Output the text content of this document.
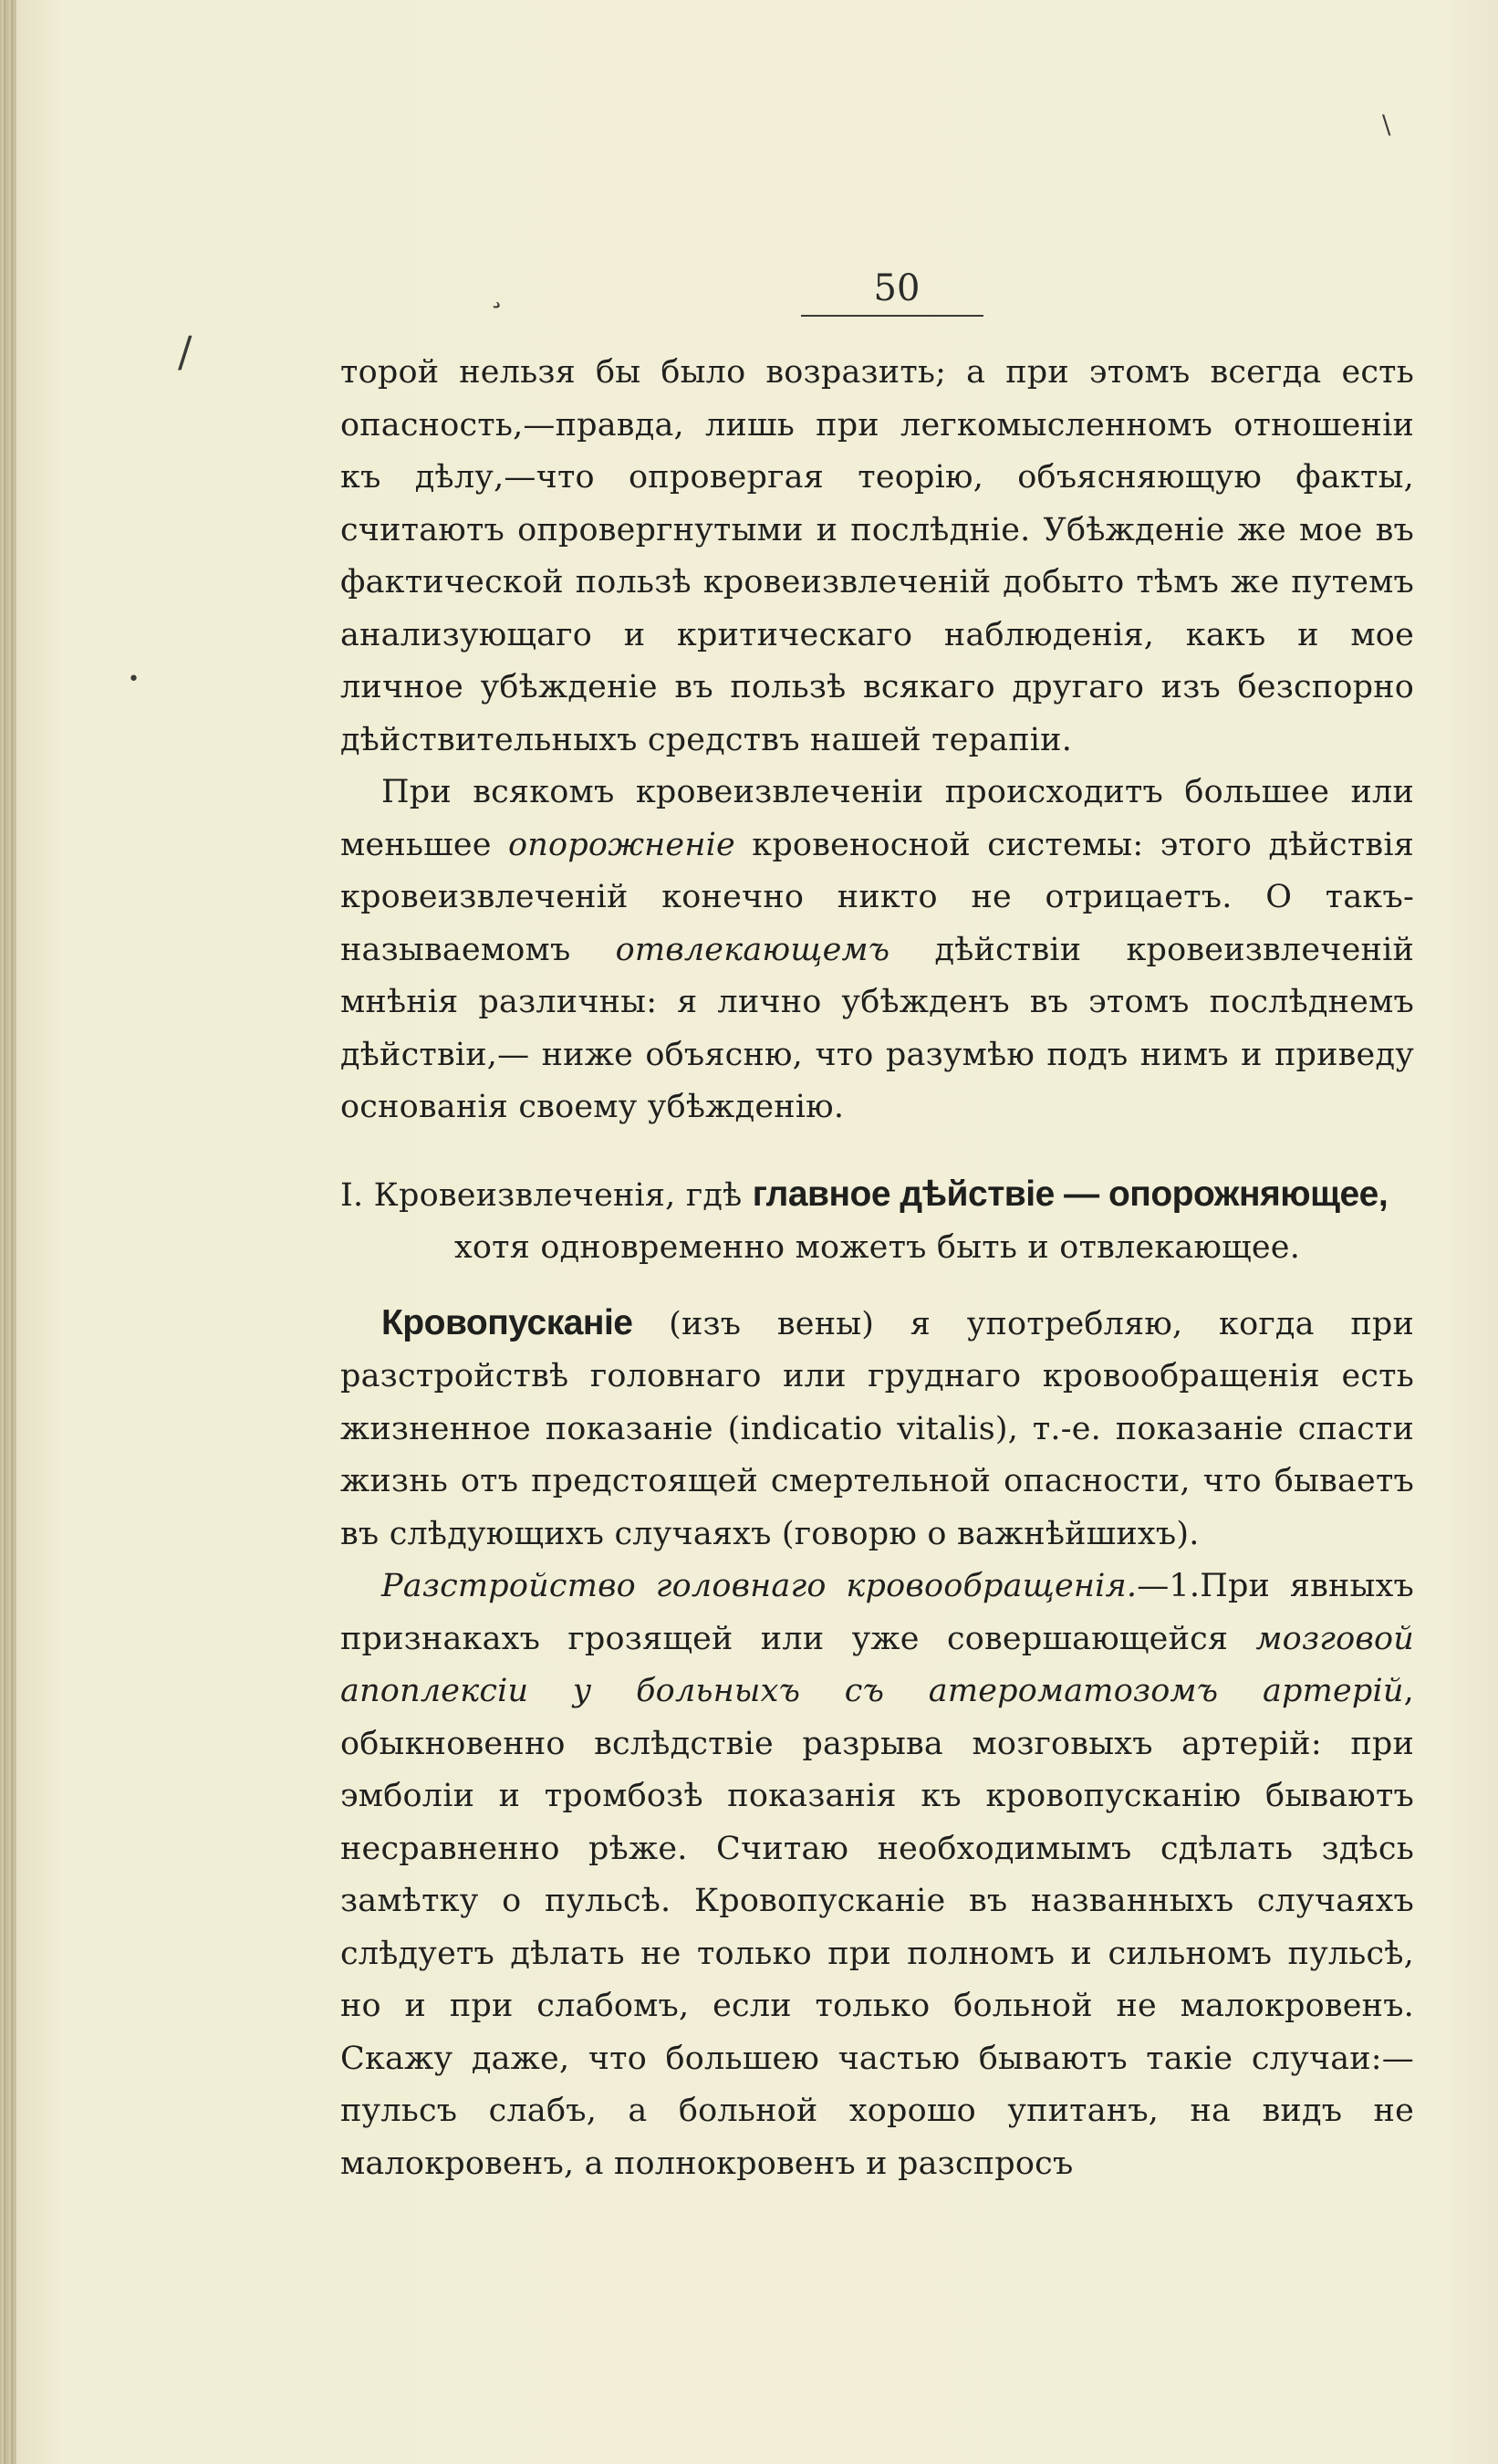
¸
/
\
•
50

торой нельзя бы было возразить; а при этомъ всегда есть опасность,—правда, лишь при легкомысленномъ отношеніи къ дѣлу,—что опровергая теорію, объясняющую факты, считаютъ опровергнутыми и послѣдніе. Убѣжденіе же мое въ фактической пользѣ кровеизвлеченій добыто тѣмъ же путемъ анализующаго и критическаго наблюденія, какъ и мое личное убѣжденіе въ пользѣ всякаго другаго изъ безспорно дѣйствительныхъ средствъ нашей терапіи.

При всякомъ кровеизвлеченіи происходитъ большее или меньшее опорожненіе кровеносной системы: этого дѣйствія кровеизвлеченій конечно никто не отрицаетъ. О такъ-называемомъ отвлекающемъ дѣйствіи кровеизвлеченій мнѣнія различны: я лично убѣжденъ въ этомъ послѣднемъ дѣйствіи,— ниже объясню, что разумѣю подъ нимъ и приведу основанія своему убѣжденію.

I. Кровеизвлеченія, гдѣ главное дѣйствіе — опорожняющее,
хотя одновременно можетъ быть и отвлекающее.

Кровопусканіе (изъ вены) я употребляю, когда при разстройствѣ головнаго или груднаго кровообращенія есть жизненное показаніе (indicatio vitalis), т.-е. показаніе спасти жизнь отъ предстоящей смертельной опасности, что бываетъ въ слѣдующихъ случаяхъ (говорю о важнѣйшихъ).

Разстройство головнаго кровообращенія.—1.При явныхъ признакахъ грозящей или уже совершающейся мозговой апоплексіи у больныхъ съ атероматозомъ артерій, обыкновенно вслѣдствіе разрыва мозговыхъ артерій: при эмболіи и тромбозѣ показанія къ кровопусканію бываютъ несравненно рѣже. Считаю необходимымъ сдѣлать здѣсь замѣтку о пульсѣ. Кровопусканіе въ названныхъ случаяхъ слѣдуетъ дѣлать не только при полномъ и сильномъ пульсѣ, но и при слабомъ, если только больной не малокровенъ. Скажу даже, что большею частью бываютъ такіе случаи:—пульсъ слабъ, а больной хорошо упитанъ, на видъ не малокровенъ, а полнокровенъ и разспросъ
